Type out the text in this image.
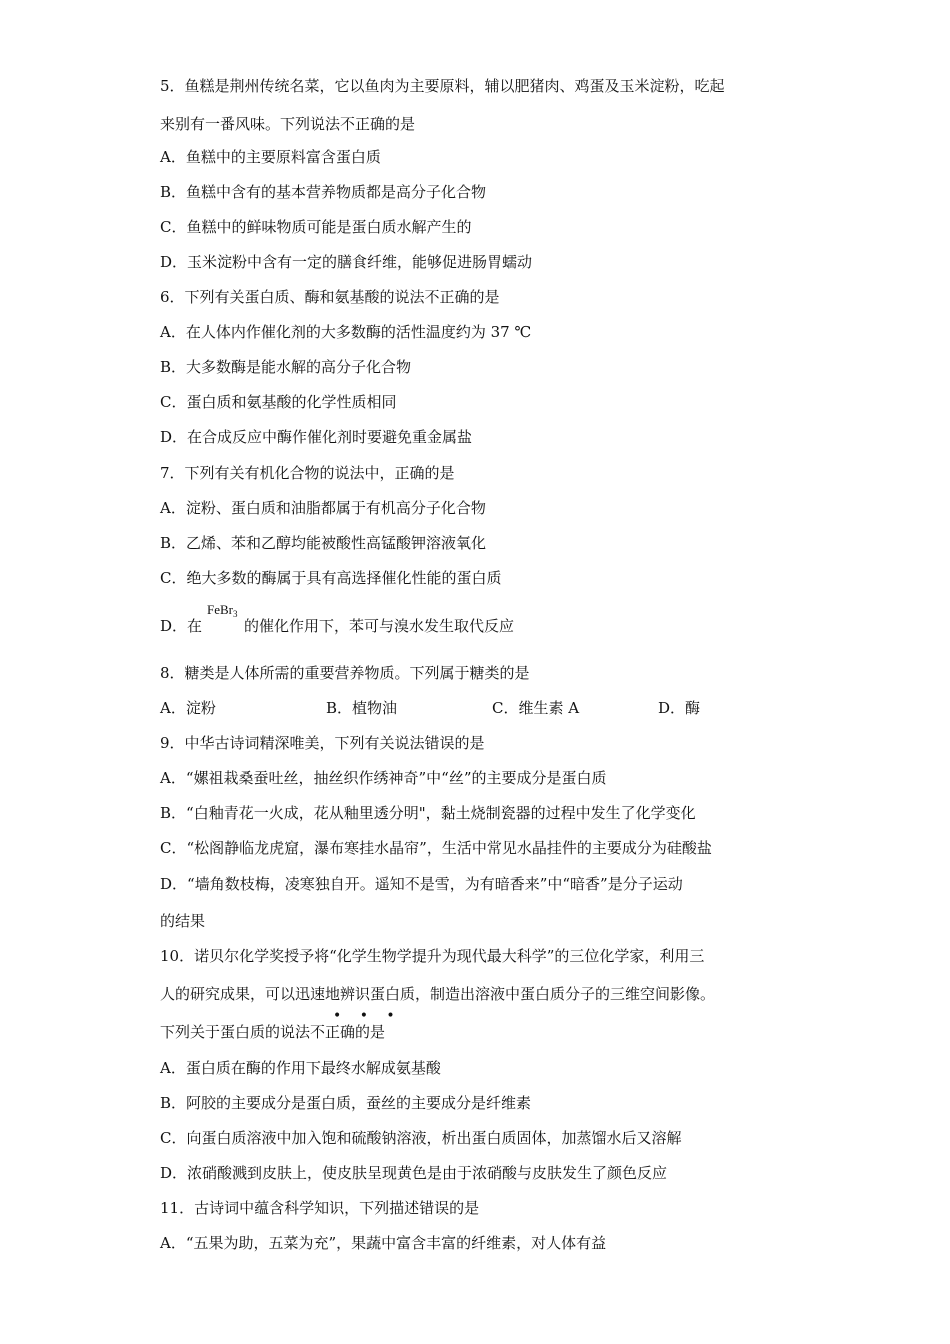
5．鱼糕是荆州传统名菜，它以鱼肉为主要原料，辅以肥猪肉、鸡蛋及玉米淀粉，吃起
来别有一番风味。下列说法不正确的是
A．鱼糕中的主要原料富含蛋白质
B．鱼糕中含有的基本营养物质都是高分子化合物
C．鱼糕中的鲜味物质可能是蛋白质水解产生的
D．玉米淀粉中含有一定的膳食纤维，能够促进肠胃蠕动
6．下列有关蛋白质、酶和氨基酸的说法不正确的是
A．在人体内作催化剂的大多数酶的活性温度约为 37 ℃
B．大多数酶是能水解的高分子化合物
C．蛋白质和氨基酸的化学性质相同
D．在合成反应中酶作催化剂时要避免重金属盐
7．下列有关有机化合物的说法中，正确的是
A．淀粉、蛋白质和油脂都属于有机高分子化合物
B．乙烯、苯和乙醇均能被酸性高锰酸钾溶液氧化
C．绝大多数的酶属于具有高选择催化性能的蛋白质
D．在	的催化作用下，苯可与溴水发生取代反应
FeBr$_3$
8．糖类是人体所需的重要营养物质。下列属于糖类的是
A．淀粉	B．植物油	C．维生素 A	D．酶
9．中华古诗词精深唯美，下列有关说法错误的是
A．“嫘祖栽桑蚕吐丝，抽丝织作绣神奇”中“丝”的主要成分是蛋白质
B．“白釉青花一火成，花从釉里透分明"，黏土烧制瓷器的过程中发生了化学变化
C．“松阁静临龙虎窟，瀑布寒挂水晶帘”，生活中常见水晶挂件的主要成分为硅酸盐
D．“墙角数枝梅，凌寒独自开。遥知不是雪，为有暗香来”中“暗香”是分子运动
的结果
10．诺贝尔化学奖授予将“化学生物学提升为现代最大科学”的三位化学家，利用三
人的研究成果，可以迅速地辨识蛋白质，制造出溶液中蛋白质分子的三维空间影像。
• • •
下列关于蛋白质的说法不正确的是
A．蛋白质在酶的作用下最终水解成氨基酸
B．阿胶的主要成分是蛋白质，蚕丝的主要成分是纤维素
C．向蛋白质溶液中加入饱和硫酸钠溶液，析出蛋白质固体，加蒸馏水后又溶解
D．浓硝酸溅到皮肤上，使皮肤呈现黄色是由于浓硝酸与皮肤发生了颜色反应
11．古诗词中蕴含科学知识，下列描述错误的是
A．“五果为助，五菜为充”，果蔬中富含丰富的纤维素，对人体有益
